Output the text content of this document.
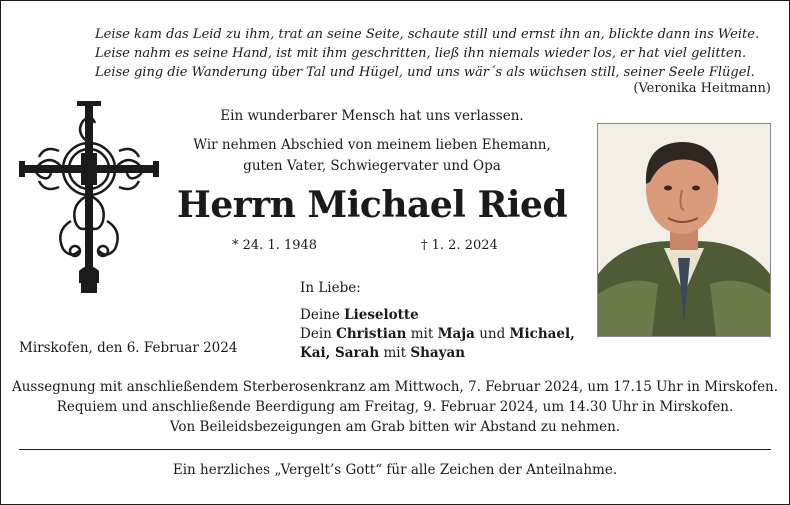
Leise kam das Leid zu ihm, trat an seine Seite, schaute still und ernst ihn an, blickte dann ins Weite.
Leise nahm es seine Hand, ist mit ihm geschritten, ließ ihn niemals wieder los, er hat viel gelitten.
Leise ging die Wanderung über Tal und Hügel, und uns wär´s als wüchsen still, seiner Seele Flügel.
(Veronika Heitmann)
Ein wunderbarer Mensch hat uns verlassen.
Wir nehmen Abschied von meinem lieben Ehemann,
guten Vater, Schwiegervater und Opa
Herrn Michael Ried
* 24. 1. 1948	† 1. 2. 2024
In Liebe:
Deine Lieselotte
Dein Christian mit Maja und Michael,
Kai, Sarah mit Shayan
Mirskofen, den 6. Februar 2024
Aussegnung mit anschließendem Sterberosenkranz am Mittwoch, 7. Februar 2024, um 17.15 Uhr in Mirskofen.
Requiem und anschließende Beerdigung am Freitag, 9. Februar 2024, um 14.30 Uhr in Mirskofen.
Von Beileidsbezeigungen am Grab bitten wir Abstand zu nehmen.
Ein herzliches „Vergelt’s Gott“ für alle Zeichen der Anteilnahme.
